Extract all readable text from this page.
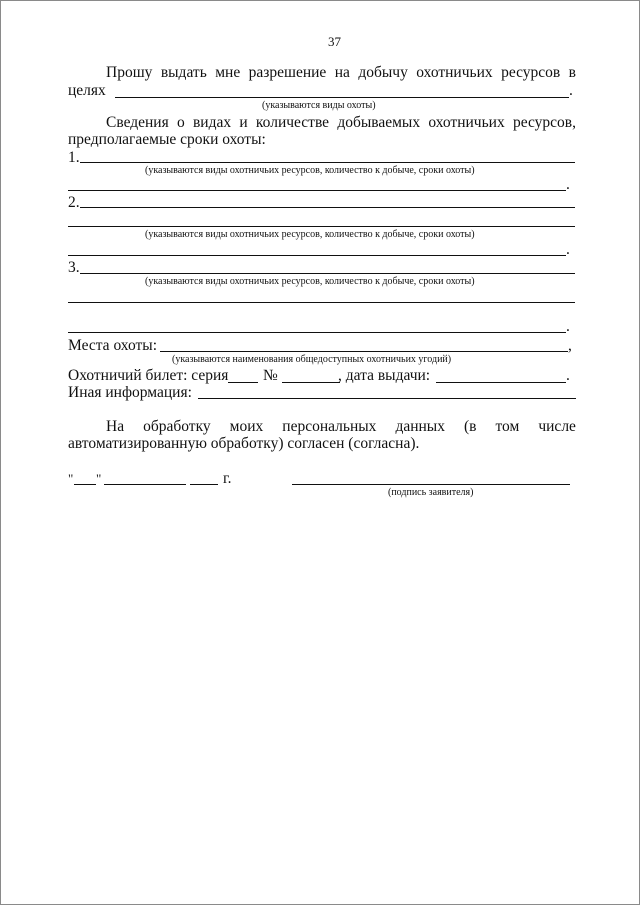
37
Прошу выдать мне разрешение на добычу охотничьих ресурсов в
целях	.
(указываются виды охоты)
Сведения о видах и количестве добываемых охотничьих ресурсов,
предполагаемые сроки охоты:
1.
(указываются виды охотничьих ресурсов, количество к добыче, сроки охоты)
.
2.
(указываются виды охотничьих ресурсов, количество к добыче, сроки охоты)
.
3.
(указываются виды охотничьих ресурсов, количество к добыче, сроки охоты)
.
Места охоты:	,
(указываются наименования общедоступных охотничьих угодий)
Охотничий билет: серия №	, дата выдачи:	.
Иная информация:
На обработку моих персональных данных (в том числе
автоматизированную обработку) согласен (согласна).
" "	г.
(подпись заявителя)
